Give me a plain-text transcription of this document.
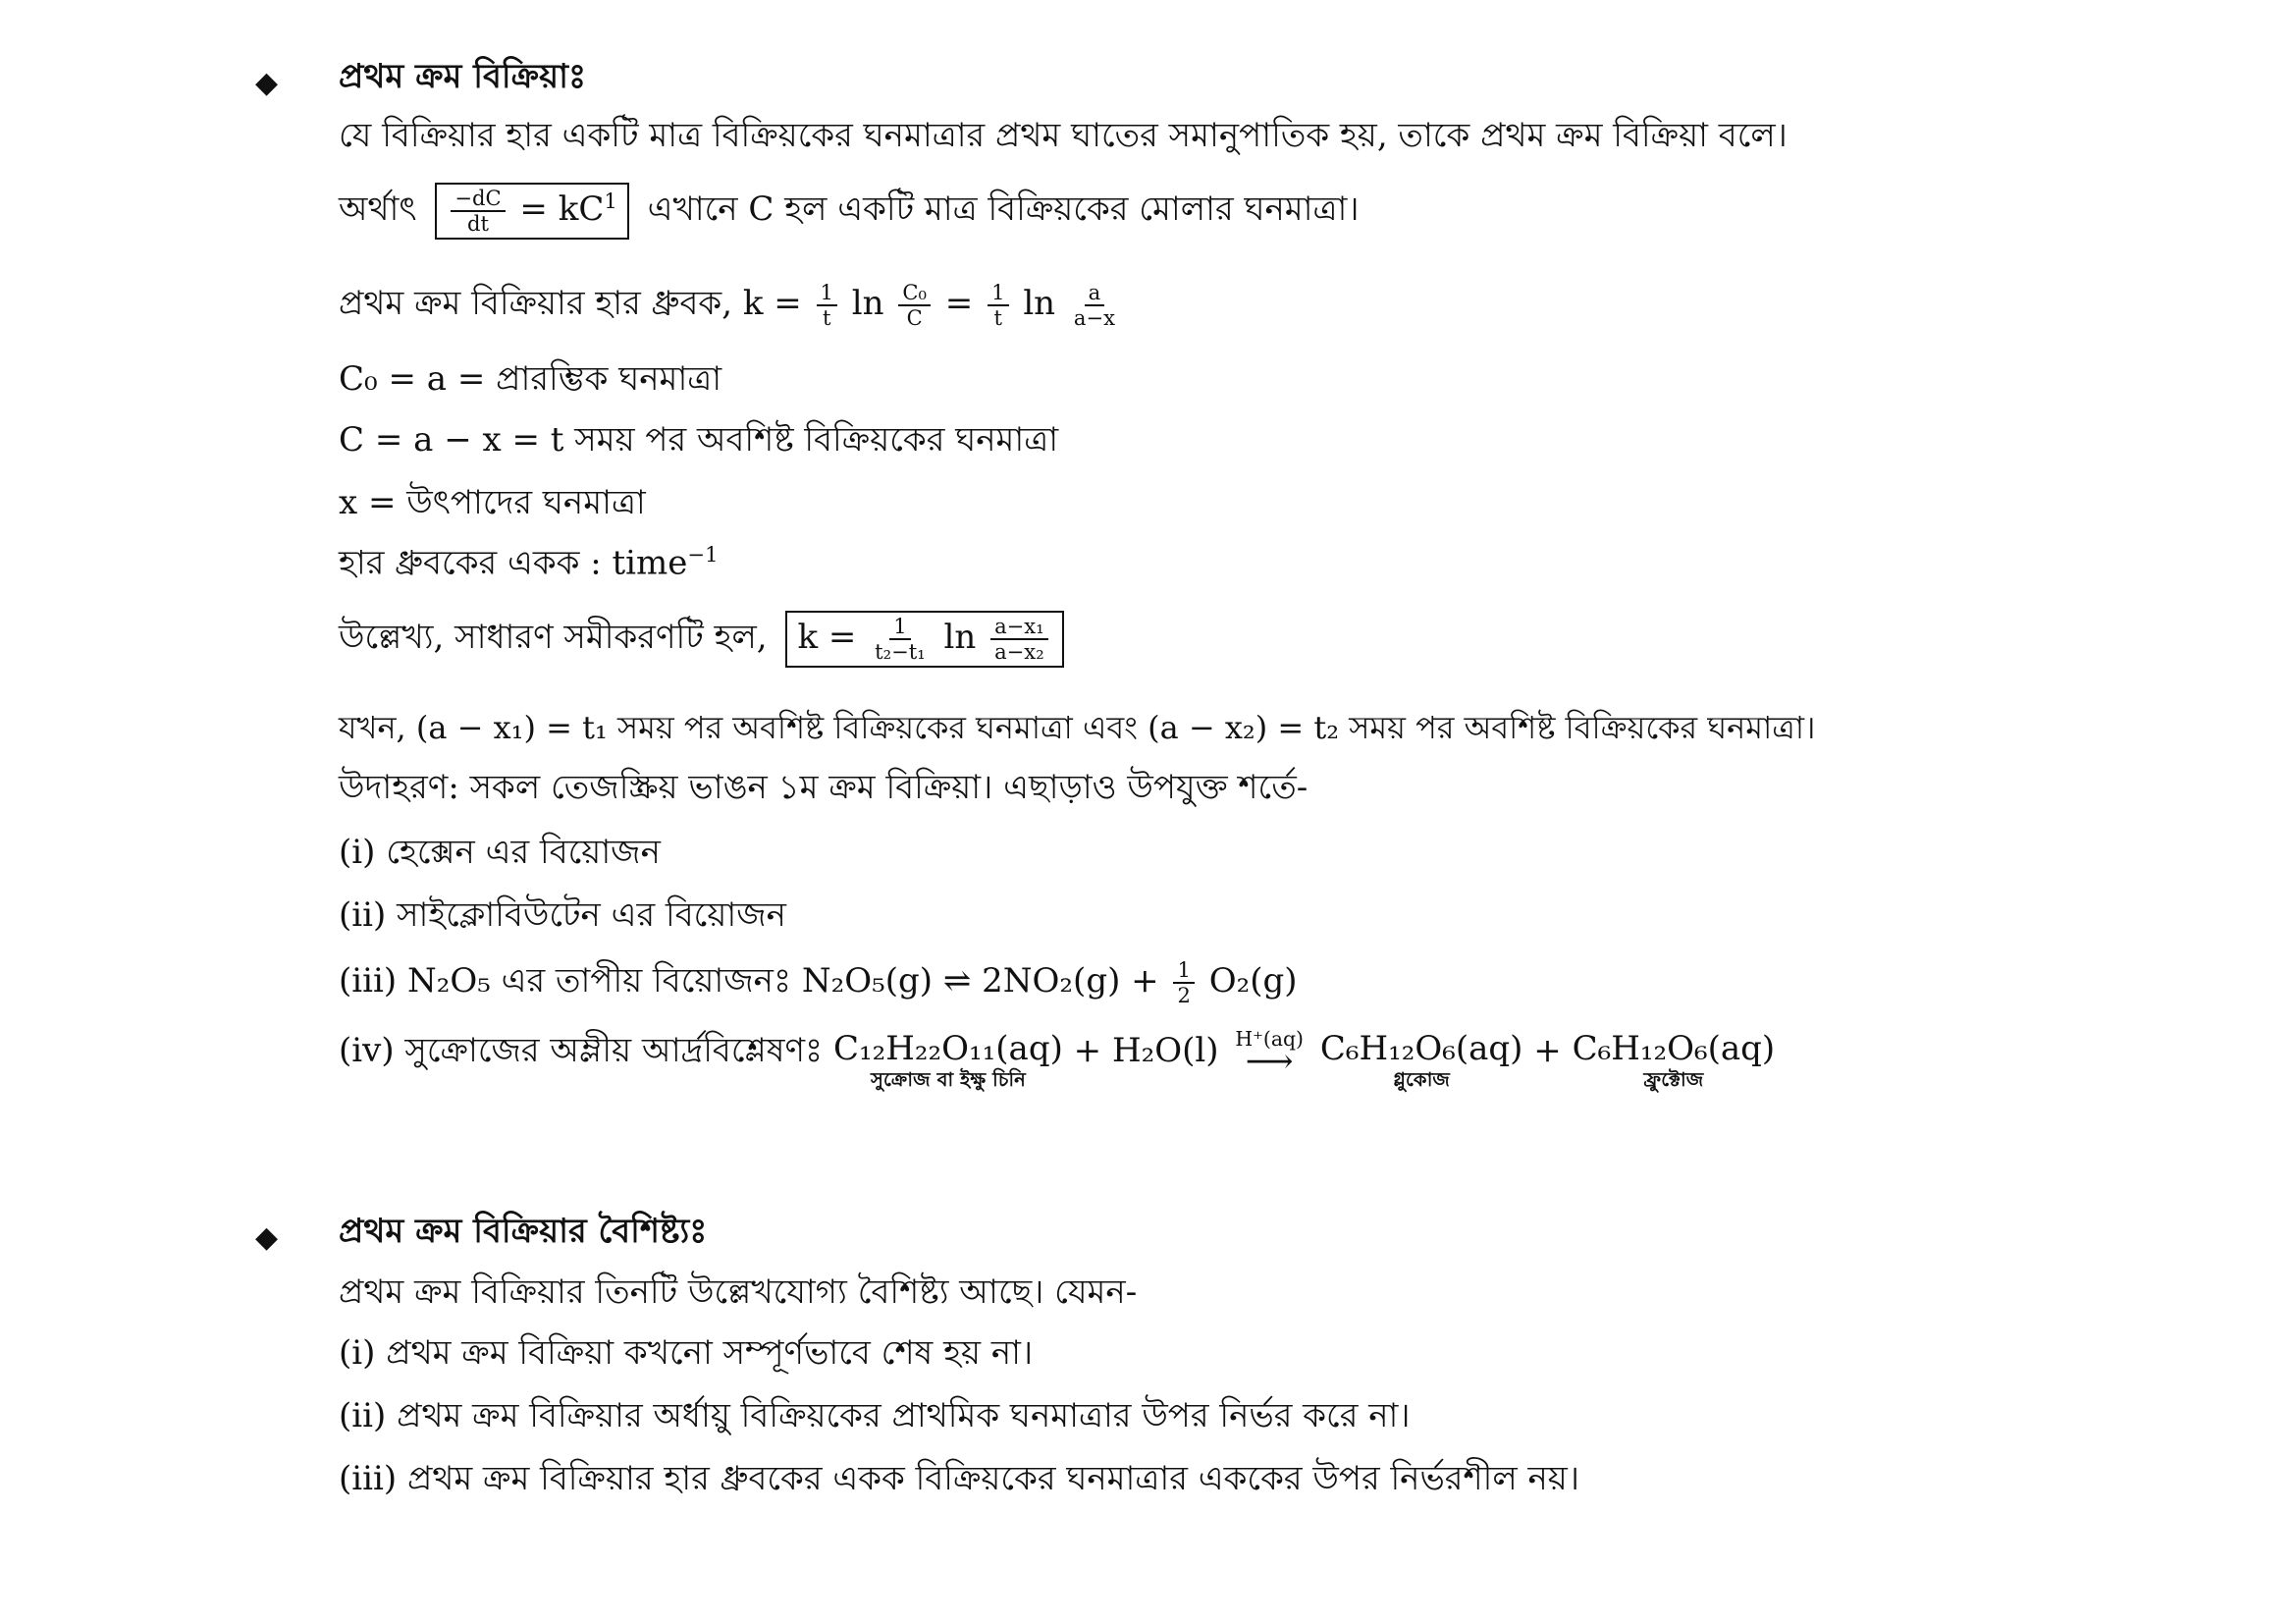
◆ প্রথম ক্রম বিক্রিয়াঃ
যে বিক্রিয়ার হার একটি মাত্র বিক্রিয়কের ঘনমাত্রার প্রথম ঘাতের সমানুপাতিক হয়, তাকে প্রথম ক্রম বিক্রিয়া বলে।
অর্থাৎ $\frac{-dC}{dt} = kC^1$ এখানে C হল একটি মাত্র বিক্রিয়কের মোলার ঘনমাত্রা।
প্রথম ক্রম বিক্রিয়ার হার ধ্রুবক, $k = \frac{1}{t}$ $\ln \frac{\text{C₀}}{C} = \frac{1}{t}$ $\ln \frac{a}{a-x}$
C₀ = a = প্রারম্ভিক ঘনমাত্রা
C = a − x = t সময় পর অবশিষ্ট বিক্রিয়কের ঘনমাত্রা
x = উৎপাদের ঘনমাত্রা
হার ধ্রুবকের একক : time$^{-1}$
উল্লেখ্য, সাধারণ সমীকরণটি হল, $k = \frac{1}{\text{t₂−t₁}}$ $\ln \frac{\text{a−x₁}}{\text{a−x₂}}$
যখন, (a − x₁) = t₁ সময় পর অবশিষ্ট বিক্রিয়কের ঘনমাত্রা এবং (a − x₂) = t₂ সময় পর অবশিষ্ট বিক্রিয়কের ঘনমাত্রা।
উদাহরণ: সকল তেজস্ক্রিয় ভাঙন ১ম ক্রম বিক্রিয়া। এছাড়াও উপযুক্ত শর্তে-
(i) হেক্সেন এর বিয়োজন
(ii) সাইক্লোবিউটেন এর বিয়োজন
(iii) N₂O₅ এর তাপীয় বিয়োজনঃ N₂O₅(g) ⇌ $2NO_2(g) + \frac{1}{2} O_2(g)$
(iv) সুক্রোজের অম্লীয় আর্দ্রবিশ্লেষণঃ C₁₂H₂₂O₁₁(aq)
সুক্রোজ বা ইক্ষু চিনি
+ H₂O(l) H⁺(aq)
⟶
C₆H₁₂O₆(aq)
গ্লুকোজ
+ C₆H₁₂O₆(aq)
ফ্রুক্টোজ
◆ প্রথম ক্রম বিক্রিয়ার বৈশিষ্ট্যঃ
প্রথম ক্রম বিক্রিয়ার তিনটি উল্লেখযোগ্য বৈশিষ্ট্য আছে। যেমন-
(i) প্রথম ক্রম বিক্রিয়া কখনো সম্পূর্ণভাবে শেষ হয় না।
(ii) প্রথম ক্রম বিক্রিয়ার অর্ধায়ু বিক্রিয়কের প্রাথমিক ঘনমাত্রার উপর নির্ভর করে না।
(iii) প্রথম ক্রম বিক্রিয়ার হার ধ্রুবকের একক বিক্রিয়কের ঘনমাত্রার এককের উপর নির্ভরশীল নয়।
